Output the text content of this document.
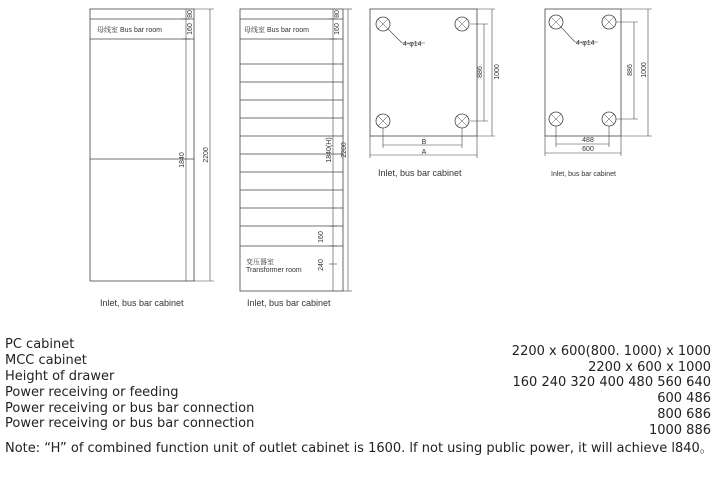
母线室 Bus bar room
80
160
1840 2200
Inlet, bus bar cabinet
母线室 Bus bar room
80
160
1840(H) 2200
160
240
变压器室
Transformer room
Inlet, bus bar cabinet
4-φ14
886 1000
B
A
Inlet, bus bar cabinet
4-φ14
886 1000
488
600
Inlet, bus bar cabinet
PC cabinet	2200 x 600(800. 1000) x 1000
MCC cabinet	2200 x 600 x 1000
Height of drawer	160 240 320 400 480 560 640
Power receiving or feeding	600 486
Power receiving or bus bar connection	800 686
Power receiving or bus bar connection	1000 886
Note: “H” of combined function unit of outlet cabinet is 1600. lf not using public power, it will achieve l840。
